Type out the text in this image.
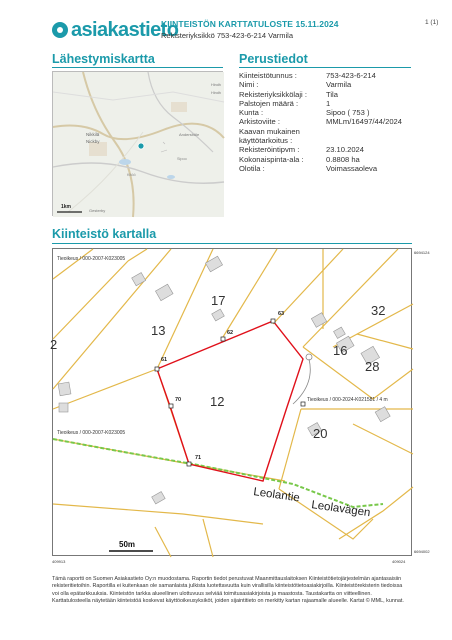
asiakastieto
KIINTEISTÖN KARTTATULOSTE 15.11.2024
Rekisteriyksikkö 753-423-6-214 Varmila
1 (1)
Lähestymiskartta	Perustiedot
Kiinteistö kartalla
Nikkilä
Nickby
Kitöö
Andersböle
Hindh
Hindh
Sipoo
Gesterby
1km
Kiinteistötunnus :	753-423-6-214
Nimi :	Varmila
Rekisteriyksikkölaji :	Tila
Palstojen määrä :	1
Kunta :	Sipoo ( 753 )
Arkistoviite :	MMLm/16497/44/2024
Kaavan mukainen
käyttötarkoitus :
Rekisteröintipvm :	23.10.2024
Kokonaispinta-ala :	0.8808 ha
Olotila :	Voimassaoleva
17
13
32
16
28
12
20
2
63
62
61
70
71
Tieoikeus / 000-2007-K023005
Tieoikeus / 000-2007-K023005
Tieoikeus / 000-2024-K021581 / 4 m
Leolantie
Leolavägen
50m
6694124
6694002
409913	409024
Tämä raportti on Suomen Asiakastieto Oy:n muodostama. Raportin tiedot perustuvat Maanmittauslaitoksen Kiinteistötietojärjestelmän ajantasaisiin rekisteritietoihin. Raportilla ei kuitenkaan ole samanlaista julkista luotettavuutta kuin virallisilla kiinteistötietoasiakirjoilla. Kiinteistörekisterin tiedoissa voi olla epätarkkuuksia. Kiinteistön tarkka alueellinen ulottuvuus selviää toimitusasiakirjoista ja maastosta. Taustakartta on viitteellinen. Karttatulosteella näytetään kiinteistöä koskevat käyttöoikeusyksiköt, joiden sijaintitieto on merkitty kartan rajaamalle alueelle. Kartat © MML, kunnat.
